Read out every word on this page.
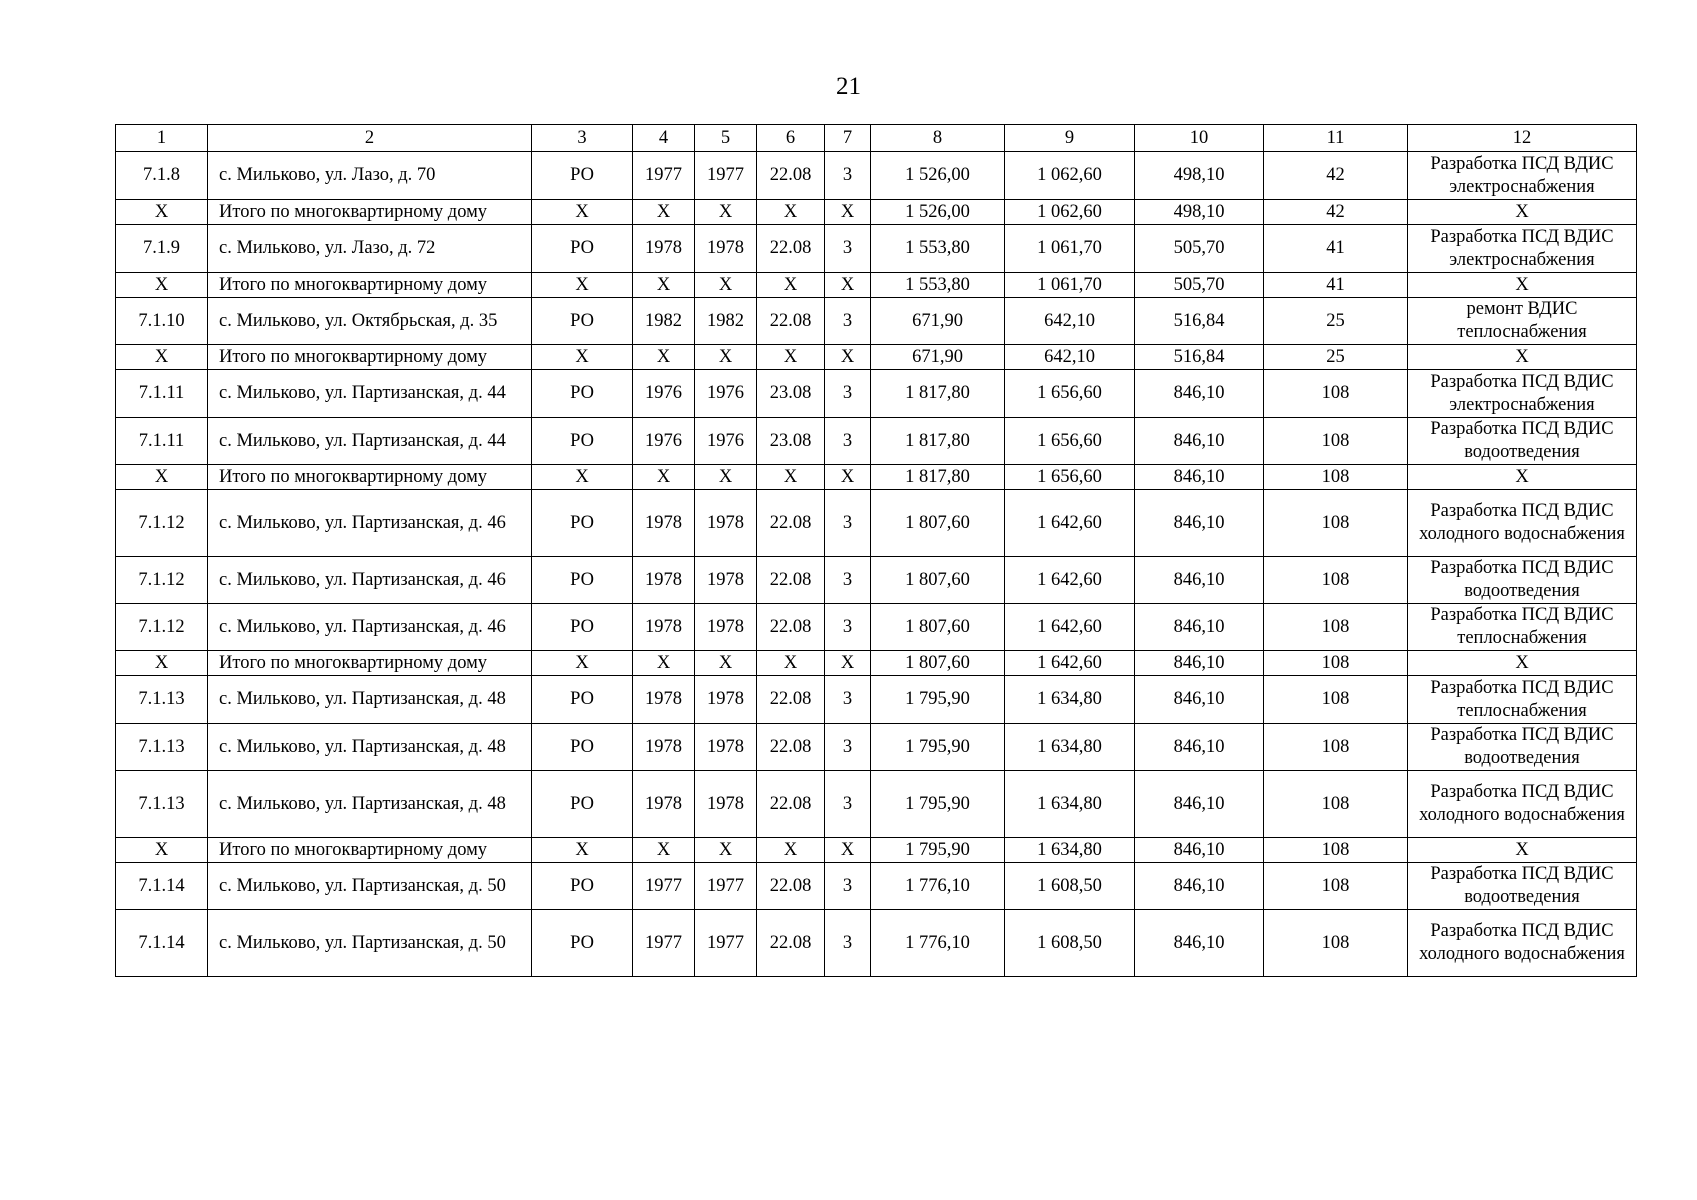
21
1	2	3	4	5	6	7	8	9	10	11	12
7.1.8	с. Мильково, ул. Лазо, д. 70	РО	1977	1977	22.08	3	1 526,00	1 062,60	498,10	42	Разработка ПСД ВДИС электроснабжения
Х	Итого по многоквартирному дому	Х	Х	Х	Х	Х	1 526,00	1 062,60	498,10	42	Х
7.1.9	с. Мильково, ул. Лазо, д. 72	РО	1978	1978	22.08	3	1 553,80	1 061,70	505,70	41	Разработка ПСД ВДИС электроснабжения
Х	Итого по многоквартирному дому	Х	Х	Х	Х	Х	1 553,80	1 061,70	505,70	41	Х
7.1.10	с. Мильково, ул. Октябрьская, д. 35	РО	1982	1982	22.08	3	671,90	642,10	516,84	25	ремонт ВДИС теплоснабжения
Х	Итого по многоквартирному дому	Х	Х	Х	Х	Х	671,90	642,10	516,84	25	Х
7.1.11	с. Мильково, ул. Партизанская, д. 44	РО	1976	1976	23.08	3	1 817,80	1 656,60	846,10	108	Разработка ПСД ВДИС электроснабжения
7.1.11	с. Мильково, ул. Партизанская, д. 44	РО	1976	1976	23.08	3	1 817,80	1 656,60	846,10	108	Разработка ПСД ВДИС водоотведения
Х	Итого по многоквартирному дому	Х	Х	Х	Х	Х	1 817,80	1 656,60	846,10	108	Х
7.1.12	с. Мильково, ул. Партизанская, д. 46	РО	1978	1978	22.08	3	1 807,60	1 642,60	846,10	108	Разработка ПСД ВДИС холодного водоснабжения
7.1.12	с. Мильково, ул. Партизанская, д. 46	РО	1978	1978	22.08	3	1 807,60	1 642,60	846,10	108	Разработка ПСД ВДИС водоотведения
7.1.12	с. Мильково, ул. Партизанская, д. 46	РО	1978	1978	22.08	3	1 807,60	1 642,60	846,10	108	Разработка ПСД ВДИС теплоснабжения
Х	Итого по многоквартирному дому	Х	Х	Х	Х	Х	1 807,60	1 642,60	846,10	108	Х
7.1.13	с. Мильково, ул. Партизанская, д. 48	РО	1978	1978	22.08	3	1 795,90	1 634,80	846,10	108	Разработка ПСД ВДИС теплоснабжения
7.1.13	с. Мильково, ул. Партизанская, д. 48	РО	1978	1978	22.08	3	1 795,90	1 634,80	846,10	108	Разработка ПСД ВДИС водоотведения
7.1.13	с. Мильково, ул. Партизанская, д. 48	РО	1978	1978	22.08	3	1 795,90	1 634,80	846,10	108	Разработка ПСД ВДИС холодного водоснабжения
Х	Итого по многоквартирному дому	Х	Х	Х	Х	Х	1 795,90	1 634,80	846,10	108	Х
7.1.14	с. Мильково, ул. Партизанская, д. 50	РО	1977	1977	22.08	3	1 776,10	1 608,50	846,10	108	Разработка ПСД ВДИС водоотведения
7.1.14	с. Мильково, ул. Партизанская, д. 50	РО	1977	1977	22.08	3	1 776,10	1 608,50	846,10	108	Разработка ПСД ВДИС холодного водоснабжения
